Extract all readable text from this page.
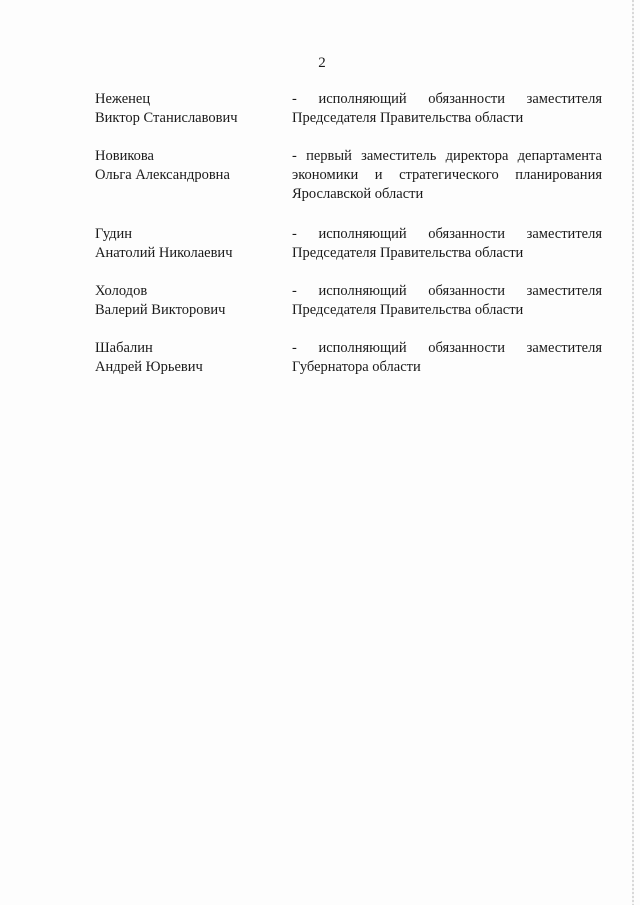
2
Неженец
Виктор Станиславович
- исполняющий обязанности заместителя
Председателя Правительства области
Новикова
Ольга Александровна
- первый заместитель директора департамента
экономики и стратегического планирования
Ярославской области
Гудин
Анатолий Николаевич
- исполняющий обязанности заместителя
Председателя Правительства области
Холодов
Валерий Викторович
- исполняющий обязанности заместителя
Председателя Правительства области
Шабалин
Андрей Юрьевич
- исполняющий обязанности заместителя
Губернатора области
